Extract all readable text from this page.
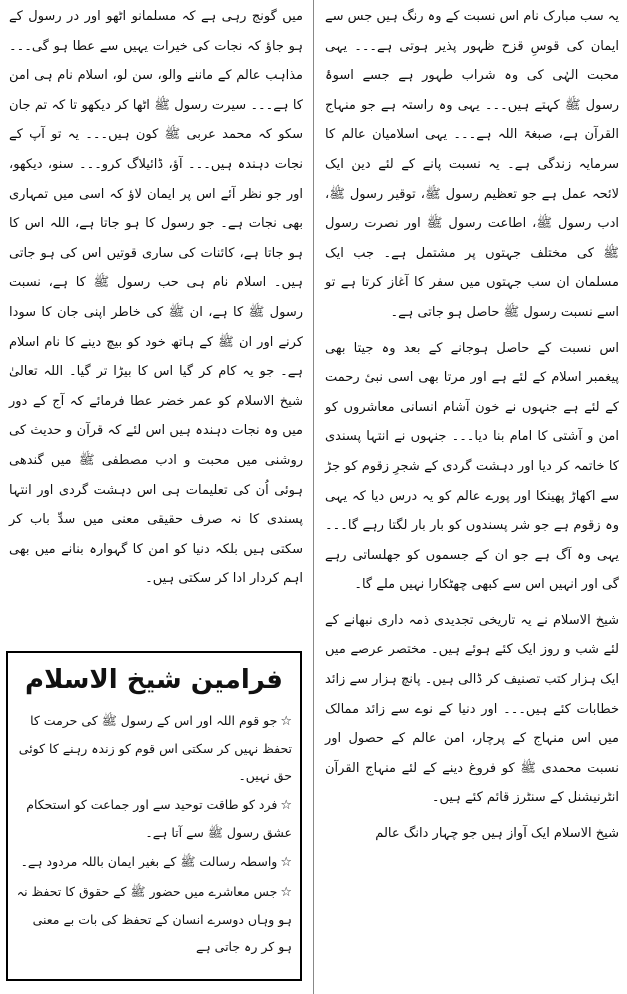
یہ سب مبارک نام اس نسبت کے وہ رنگ ہیں جس سے ایمان کی قوسِ قزح ظہور پذیر ہوتی ہے۔۔۔ یہی محبت الہٰی کی وہ شراب طہور ہے جسے اسوۂ رسول ﷺ کہتے ہیں۔۔۔ یہی وہ راستہ ہے جو منہاج القرآن ہے، صبغۃ اللہ ہے۔۔۔ یہی اسلامیان عالم کا سرمایہ زندگی ہے۔ یہ نسبت پانے کے لئے دین ایک لائحہ عمل ہے جو تعظیم رسول ﷺ، توقیر رسول ﷺ، ادب رسول ﷺ، اطاعت رسول ﷺ اور نصرت رسول ﷺ کی مختلف جہتوں پر مشتمل ہے۔ جب ایک مسلمان ان سب جہتوں میں سفر کا آغاز کرتا ہے تو اسے نسبت رسول ﷺ حاصل ہو جاتی ہے۔

اس نسبت کے حاصل ہوجانے کے بعد وہ جیتا بھی پیغمبر اسلام کے لئے ہے اور مرتا بھی اسی نبیٔ رحمت کے لئے ہے جنہوں نے خون آشام انسانی معاشروں کو امن و آشتی کا امام بنا دیا۔۔۔ جنہوں نے انتہا پسندی کا خاتمہ کر دیا اور دہشت گردی کے شجرِ زقوم کو جڑ سے اکھاڑ پھینکا اور پورے عالم کو یہ درس دیا کہ یہی وہ زقوم ہے جو شر پسندوں کو بار بار لگتا رہے گا۔۔۔ یہی وہ آگ ہے جو ان کے جسموں کو جھلساتی رہے گی اور انہیں اس سے کبھی چھٹکارا نہیں ملے گا۔

شیخ الاسلام نے یہ تاریخی تجدیدی ذمہ داری نبھانے کے لئے شب و روز ایک کئے ہوئے ہیں۔ مختصر عرصے میں ایک ہزار کتب تصنیف کر ڈالی ہیں۔ پانچ ہزار سے زائد خطابات کئے ہیں۔۔۔ اور دنیا کے نوے سے زائد ممالک میں اس منہاج کے پرچار، امن عالم کے حصول اور نسبت محمدی ﷺ کو فروغ دینے کے لئے منہاج القرآن انٹرنیشنل کے سنٹرز قائم کئے ہیں۔

شیخ الاسلام ایک آواز ہیں جو چہار دانگ عالم

میں گونج رہی ہے کہ مسلمانو اٹھو اور در رسول کے ہو جاؤ کہ نجات کی خیرات یہیں سے عطا ہو گی۔۔۔ مذاہب عالم کے ماننے والو، سن لو، اسلام نام ہی امن کا ہے۔۔۔ سیرت رسول ﷺ اٹھا کر دیکھو تا کہ تم جان سکو کہ محمد عربی ﷺ کون ہیں۔۔۔ یہ تو آپ کے نجات دہندہ ہیں۔۔۔ آؤ، ڈائیلاگ کرو۔۔۔ سنو، دیکھو، اور جو نظر آئے اس پر ایمان لاؤ کہ اسی میں تمہاری بھی نجات ہے۔ جو رسول کا ہو جاتا ہے، اللہ اس کا ہو جاتا ہے، کائنات کی ساری قوتیں اس کی ہو جاتی ہیں۔ اسلام نام ہی حب رسول ﷺ کا ہے، نسبت رسول ﷺ کا ہے، ان ﷺ کی خاطر اپنی جان کا سودا کرنے اور ان ﷺ کے ہاتھ خود کو بیچ دینے کا نام اسلام ہے۔ جو یہ کام کر گیا اس کا بیڑا تر گیا۔ اللہ تعالیٰ شیخ الاسلام کو عمر خضر عطا فرمائے کہ آج کے دور میں وہ نجات دہندہ ہیں اس لئے کہ قرآن و حدیث کی روشنی میں محبت و ادب مصطفی ﷺ میں گندھی ہوئی اُن کی تعلیمات ہی اس دہشت گردی اور انتہا پسندی کا نہ صرف حقیقی معنی میں سدِّ باب کر سکتی ہیں بلکہ دنیا کو امن کا گہوارہ بنانے میں بھی اہم کردار ادا کر سکتی ہیں۔

فرامین شیخ الاسلام
☆جو قوم اللہ اور اس کے رسول ﷺ کی حرمت کا تحفظ نہیں کر سکتی اس قوم کو زندہ رہنے کا کوئی حق نہیں۔
☆فرد کو طاقت توحید سے اور جماعت کو استحکام عشق رسول ﷺ سے آتا ہے۔
☆واسطہ رسالت ﷺ کے بغیر ایمان باللہ مردود ہے۔
☆جس معاشرے میں حضور ﷺ کے حقوق کا تحفظ نہ ہو وہاں دوسرے انسان کے تحفظ کی بات بے معنی ہو کر رہ جاتی ہے
